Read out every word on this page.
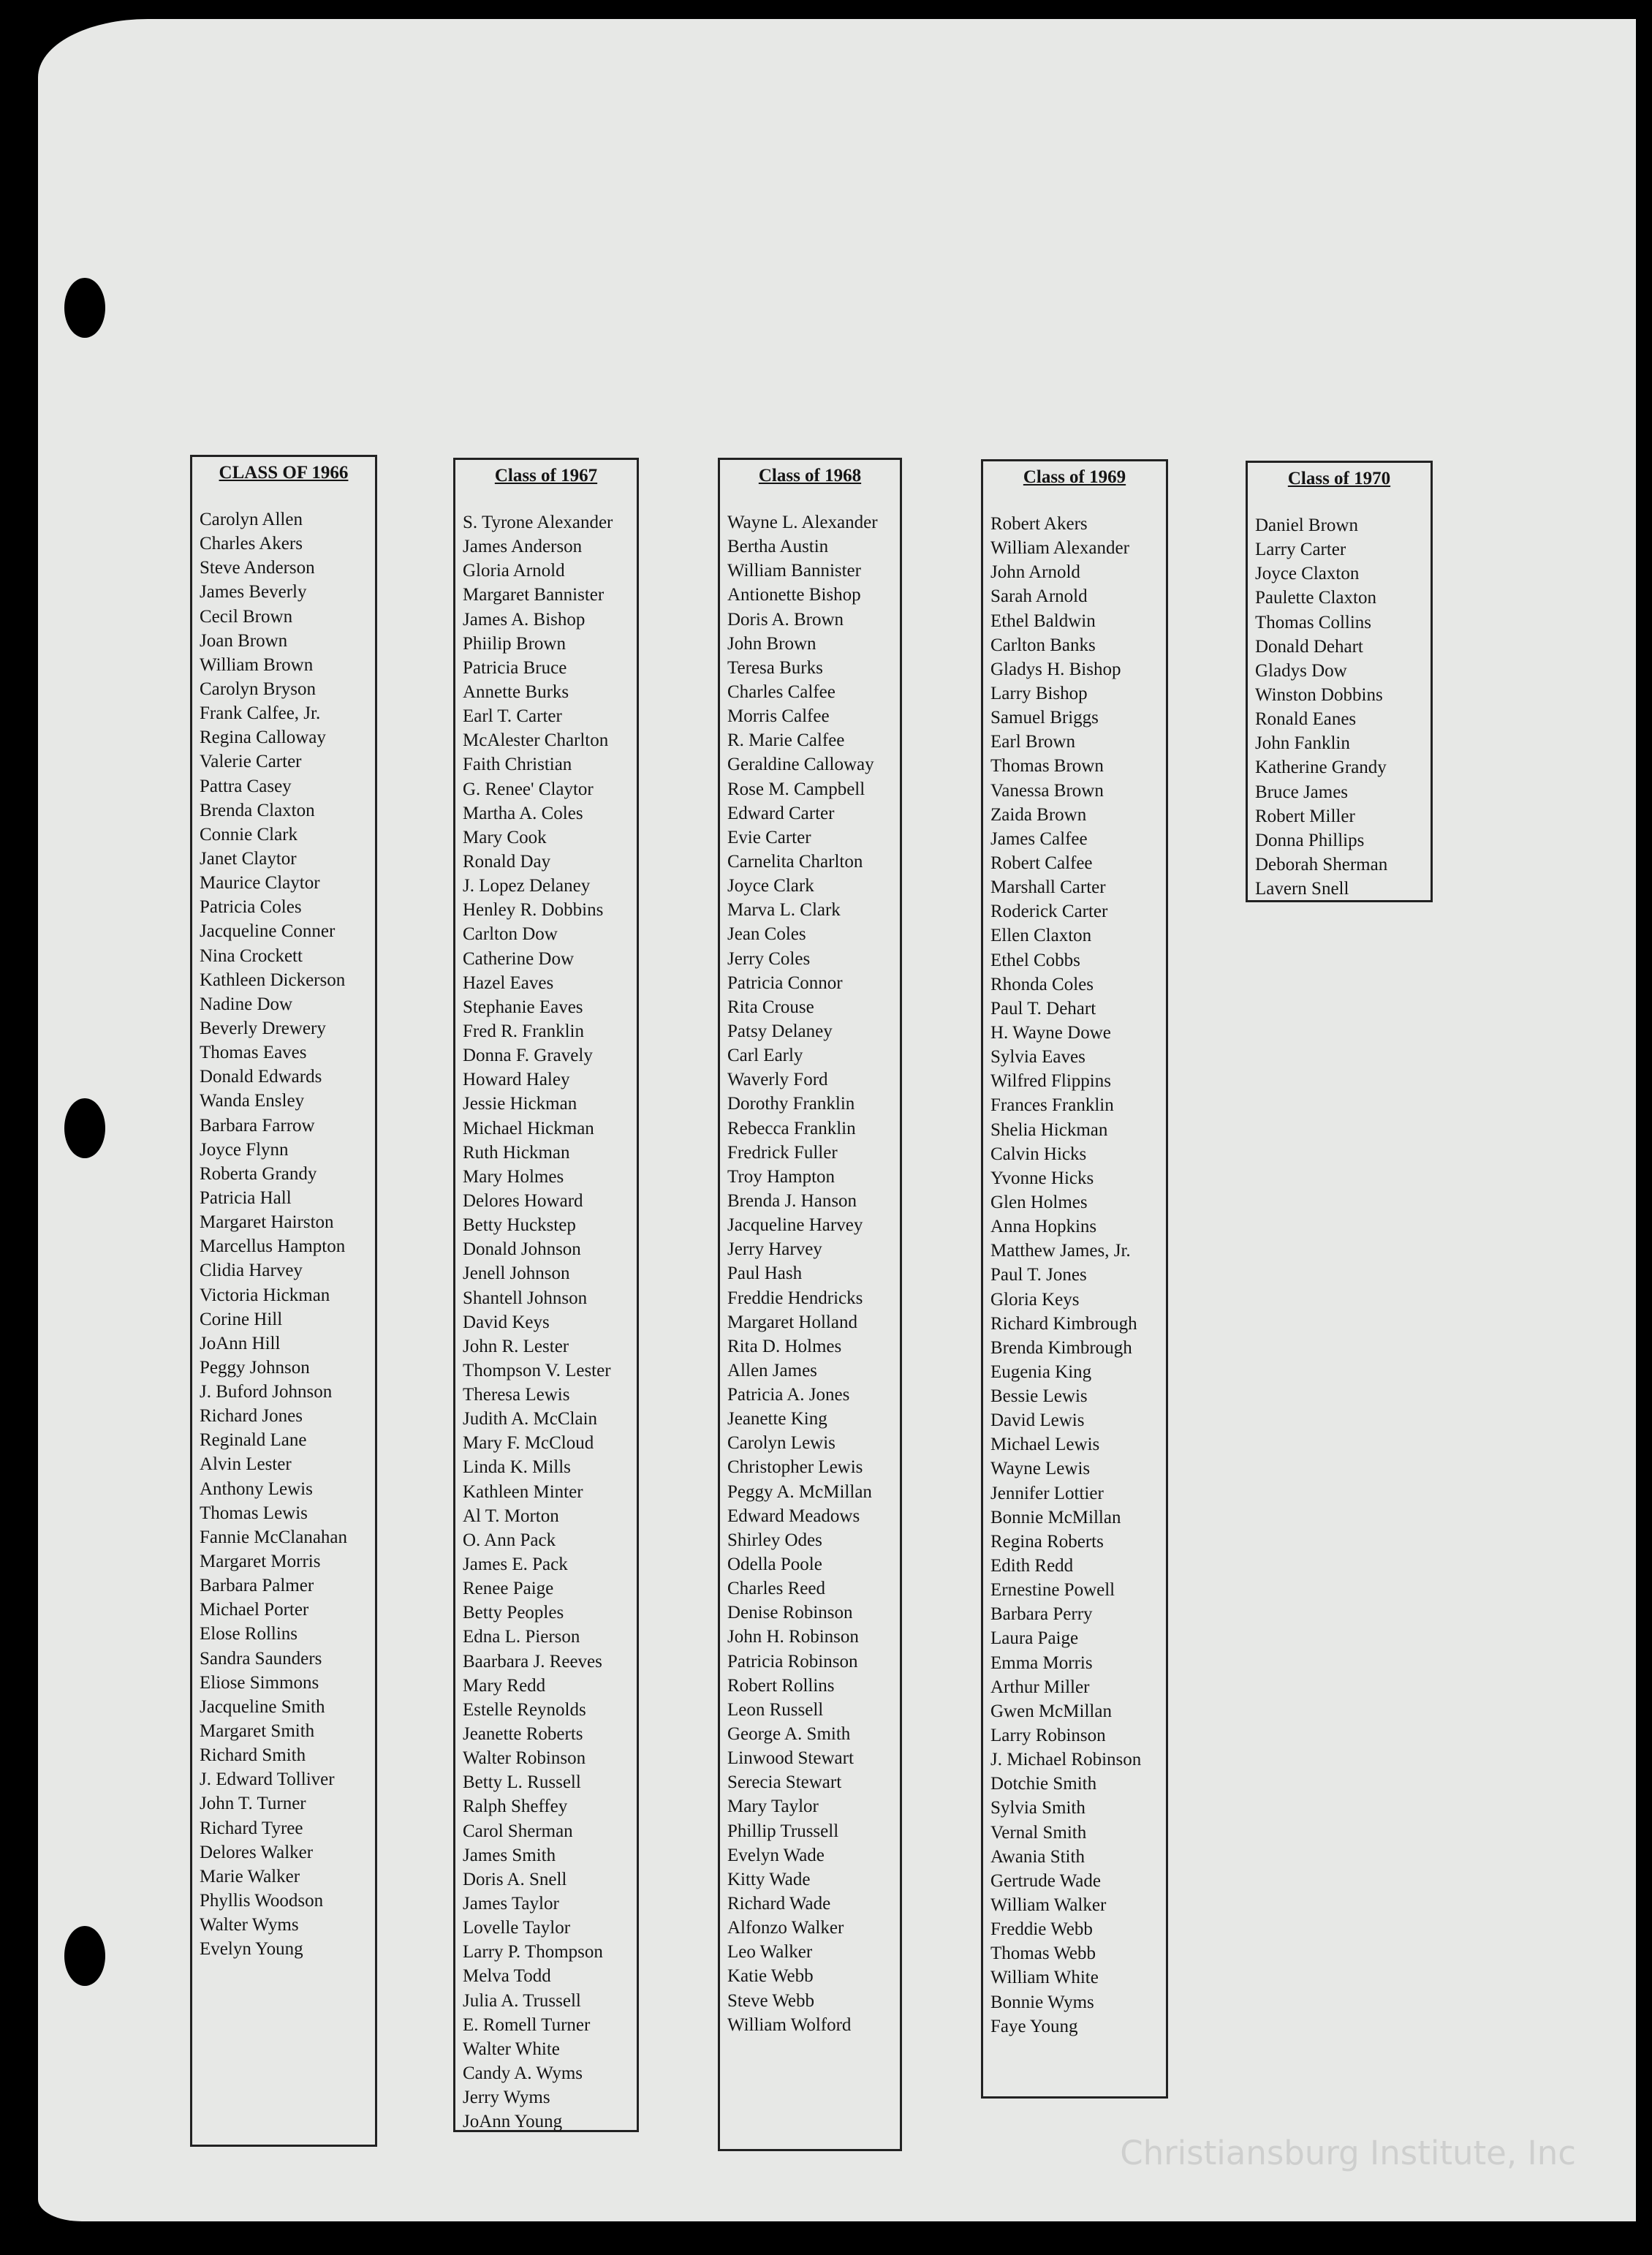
CLASS OF 1966
Carolyn Allen
Charles Akers
Steve Anderson
James Beverly
Cecil Brown
Joan Brown
William Brown
Carolyn Bryson
Frank Calfee, Jr.
Regina Calloway
Valerie Carter
Pattra Casey
Brenda Claxton
Connie Clark
Janet Claytor
Maurice Claytor
Patricia Coles
Jacqueline Conner
Nina Crockett
Kathleen Dickerson
Nadine Dow
Beverly Drewery
Thomas Eaves
Donald Edwards
Wanda Ensley
Barbara Farrow
Joyce Flynn
Roberta Grandy
Patricia Hall
Margaret Hairston
Marcellus Hampton
Clidia Harvey
Victoria Hickman
Corine Hill
JoAnn Hill
Peggy Johnson
J. Buford Johnson
Richard Jones
Reginald Lane
Alvin Lester
Anthony Lewis
Thomas Lewis
Fannie McClanahan
Margaret Morris
Barbara Palmer
Michael Porter
Elose Rollins
Sandra Saunders
Eliose Simmons
Jacqueline Smith
Margaret Smith
Richard Smith
J. Edward Tolliver
John T. Turner
Richard Tyree
Delores Walker
Marie Walker
Phyllis Woodson
Walter Wyms
Evelyn Young
Class of 1967
S. Tyrone Alexander
James Anderson
Gloria Arnold
Margaret Bannister
James A. Bishop
Phiilip Brown
Patricia Bruce
Annette Burks
Earl T. Carter
McAlester Charlton
Faith Christian
G. Renee' Claytor
Martha A. Coles
Mary Cook
Ronald Day
J. Lopez Delaney
Henley R. Dobbins
Carlton Dow
Catherine Dow
Hazel Eaves
Stephanie Eaves
Fred R. Franklin
Donna F. Gravely
Howard Haley
Jessie Hickman
Michael Hickman
Ruth Hickman
Mary Holmes
Delores Howard
Betty Huckstep
Donald Johnson
Jenell Johnson
Shantell Johnson
David Keys
John R. Lester
Thompson V. Lester
Theresa Lewis
Judith A. McClain
Mary F. McCloud
Linda K. Mills
Kathleen Minter
Al T. Morton
O. Ann Pack
James E. Pack
Renee Paige
Betty Peoples
Edna L. Pierson
Baarbara J. Reeves
Mary Redd
Estelle Reynolds
Jeanette Roberts
Walter Robinson
Betty L. Russell
Ralph Sheffey
Carol Sherman
James Smith
Doris A. Snell
James Taylor
Lovelle Taylor
Larry P. Thompson
Melva Todd
Julia A. Trussell
E. Romell Turner
Walter White
Candy A. Wyms
Jerry Wyms
JoAnn Young
Class of 1968
Wayne L. Alexander
Bertha Austin
William Bannister
Antionette Bishop
Doris A. Brown
John Brown
Teresa Burks
Charles Calfee
Morris Calfee
R. Marie Calfee
Geraldine Calloway
Rose M. Campbell
Edward Carter
Evie Carter
Carnelita Charlton
Joyce Clark
Marva L. Clark
Jean Coles
Jerry Coles
Patricia Connor
Rita Crouse
Patsy Delaney
Carl Early
Waverly Ford
Dorothy Franklin
Rebecca Franklin
Fredrick Fuller
Troy Hampton
Brenda J. Hanson
Jacqueline Harvey
Jerry Harvey
Paul Hash
Freddie Hendricks
Margaret Holland
Rita D. Holmes
Allen James
Patricia A. Jones
Jeanette King
Carolyn Lewis
Christopher Lewis
Peggy A. McMillan
Edward Meadows
Shirley Odes
Odella Poole
Charles Reed
Denise Robinson
John H. Robinson
Patricia Robinson
Robert Rollins
Leon Russell
George A. Smith
Linwood Stewart
Serecia Stewart
Mary Taylor
Phillip Trussell
Evelyn Wade
Kitty Wade
Richard Wade
Alfonzo Walker
Leo Walker
Katie Webb
Steve Webb
William Wolford
Class of 1969
Robert Akers
William Alexander
John Arnold
Sarah Arnold
Ethel Baldwin
Carlton Banks
Gladys H. Bishop
Larry Bishop
Samuel Briggs
Earl Brown
Thomas Brown
Vanessa Brown
Zaida Brown
James Calfee
Robert Calfee
Marshall Carter
Roderick Carter
Ellen Claxton
Ethel Cobbs
Rhonda Coles
Paul T. Dehart
H. Wayne Dowe
Sylvia Eaves
Wilfred Flippins
Frances Franklin
Shelia Hickman
Calvin Hicks
Yvonne Hicks
Glen Holmes
Anna Hopkins
Matthew James, Jr.
Paul T. Jones
Gloria Keys
Richard Kimbrough
Brenda Kimbrough
Eugenia King
Bessie Lewis
David Lewis
Michael Lewis
Wayne Lewis
Jennifer Lottier
Bonnie McMillan
Regina Roberts
Edith Redd
Ernestine Powell
Barbara Perry
Laura Paige
Emma Morris
Arthur Miller
Gwen McMillan
Larry Robinson
J. Michael Robinson
Dotchie Smith
Sylvia Smith
Vernal Smith
Awania Stith
Gertrude Wade
William Walker
Freddie Webb
Thomas Webb
William White
Bonnie Wyms
Faye Young
Class of 1970
Daniel Brown
Larry Carter
Joyce Claxton
Paulette Claxton
Thomas Collins
Donald Dehart
Gladys Dow
Winston Dobbins
Ronald Eanes
John Fanklin
Katherine Grandy
Bruce James
Robert Miller
Donna Phillips
Deborah Sherman
Lavern Snell
Christiansburg Institute, Inc
